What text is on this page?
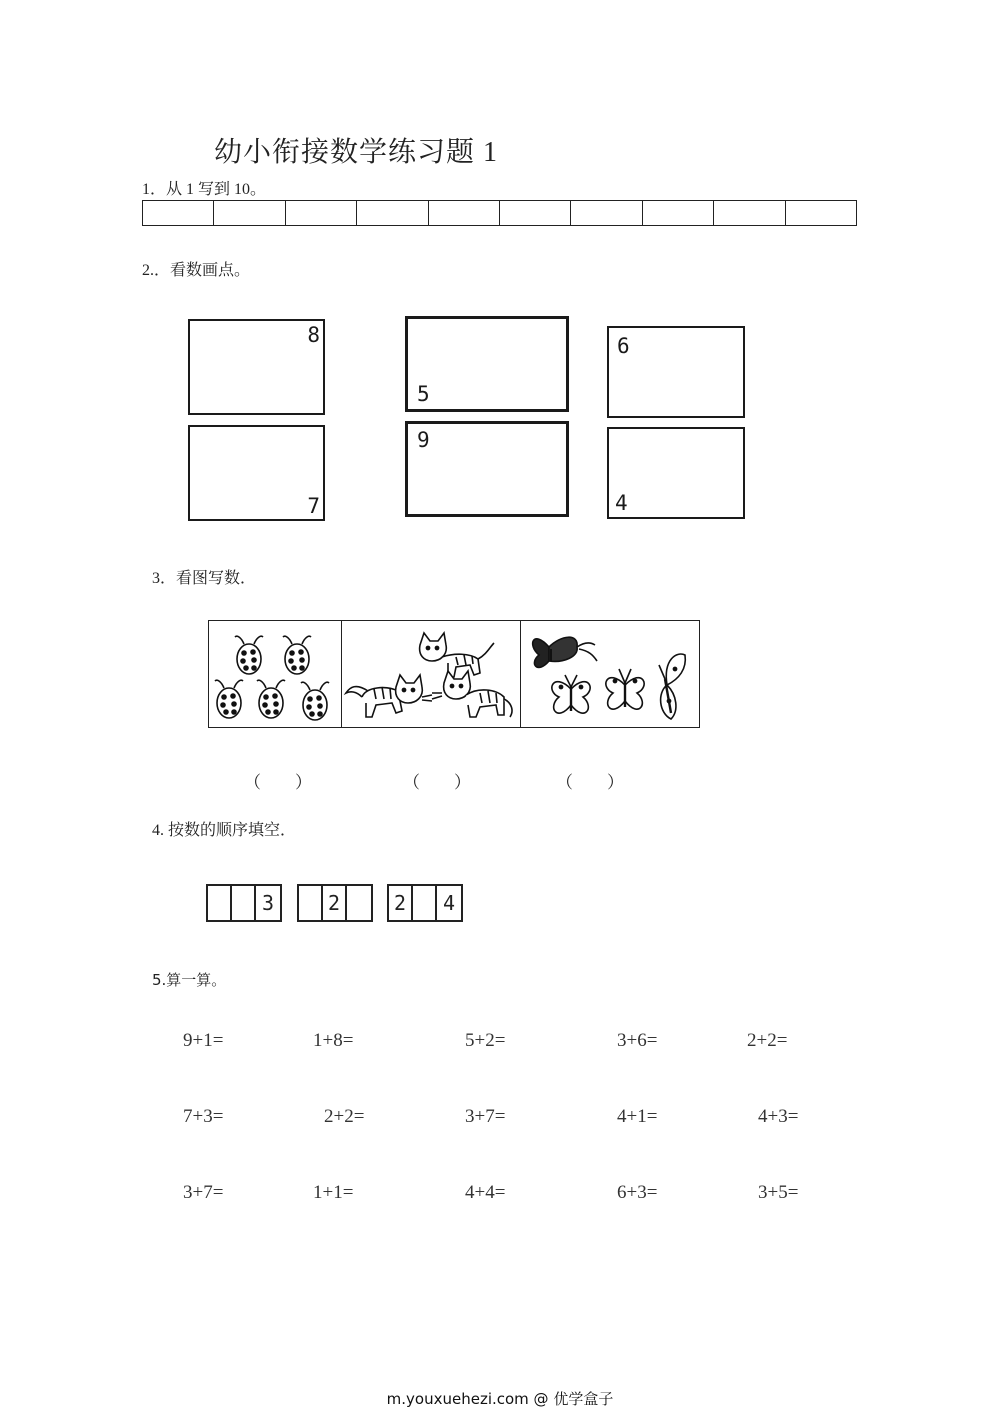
幼小衔接数学练习题 1
1．从 1 写到 10。
2.．看数画点。
8
5
6
7
9
4
3．看图写数．
（　　）	（　　）	（　　）
4. 按数的顺序填空．
3	2	2	4
5.算一算。
9+1=	1+8=	5+2=	3+6=	2+2=
7+3=	2+2=	3+7=	4+1=	4+3=
3+7=	1+1=	4+4=	6+3=	3+5=
m.youxuehezi.com @ 优学盒子
